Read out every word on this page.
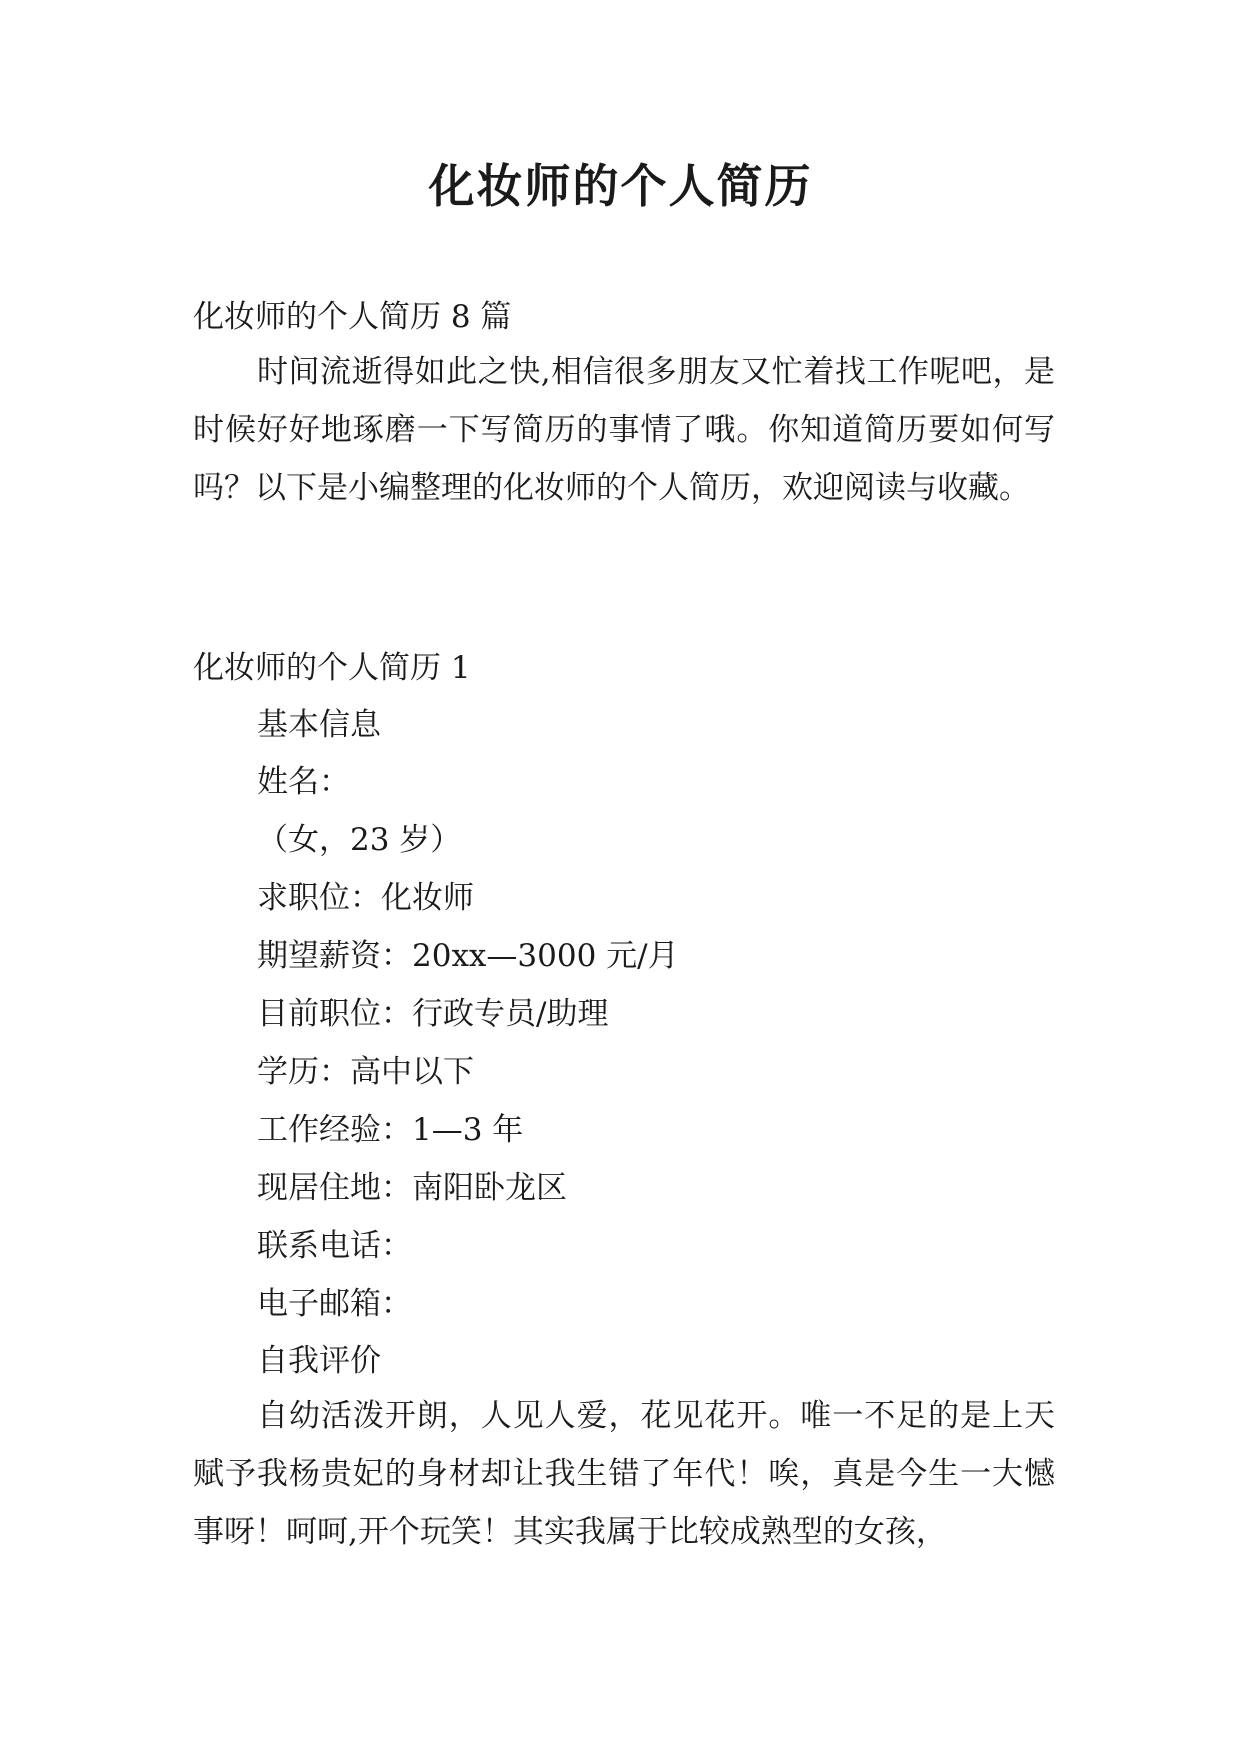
化妆师的个人简历
化妆师的个人简历 8 篇

时间流逝得如此之快,相信很多朋友又忙着找工作呢吧，是时候好好地琢磨一下写简历的事情了哦。你知道简历要如何写吗？以下是小编整理的化妆师的个人简历，欢迎阅读与收藏。

化妆师的个人简历 1
基本信息
姓名：
（女，23 岁）
求职位：化妆师
期望薪资：20xx—3000 元/月
目前职位：行政专员/助理
学历：高中以下
工作经验：1—3 年
现居住地：南阳卧龙区
联系电话：
电子邮箱：
自我评价

自幼活泼开朗，人见人爱，花见花开。唯一不足的是上天赋予我杨贵妃的身材却让我生错了年代！唉，真是今生一大憾事呀！呵呵,开个玩笑！其实我属于比较成熟型的女孩，
